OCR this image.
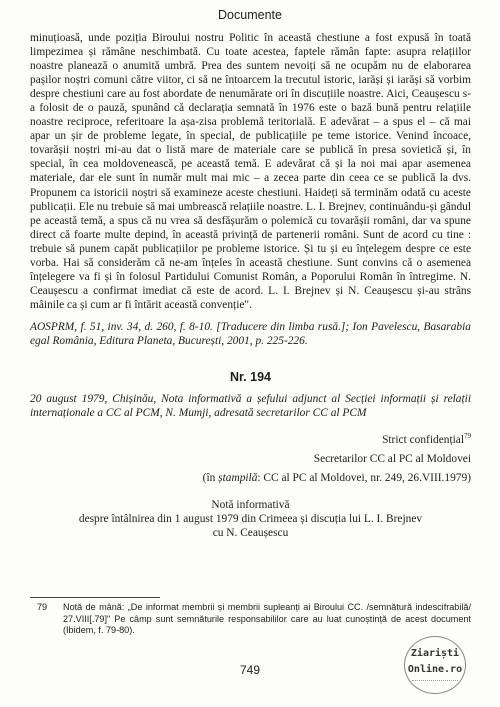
Documente

minuțioasă, unde poziția Biroului nostru Politic în această chestiune a fost expusă în toată limpezimea și rămâne neschimbată. Cu toate acestea, faptele rămân fapte: asupra relațiilor noastre planează o anumită umbră. Prea des suntem nevoiți să ne ocupăm nu de elaborarea pașilor noștri comuni către viitor, ci să ne întoarcem la trecutul istoric, iarăși și iarăși să vorbim despre chestiuni care au fost abordate de nenumărate ori în discuțiile noastre. Aici, Ceaușescu s-a folosit de o pauză, spunând că declarația semnată în 1976 este o bază bună pentru relațiile noastre reciproce, referitoare la așa-zisa problemă teritorială. E adevărat – a spus el – că mai apar un șir de probleme legate, în special, de publicațiile pe teme istorice. Venind încoace, tovarășii noștri mi-au dat o listă mare de materiale care se publică în presa sovietică și, în special, în cea moldovenească, pe această temă. E adevărat că și la noi mai apar asemenea materiale, dar ele sunt în număr mult mai mic – a zecea parte din ceea ce se publică la dvs. Propunem ca istoricii noștri să examineze aceste chestiuni. Haideți să terminăm odată cu aceste publicații. Ele nu trebuie să mai umbrească relațiile noastre. L. I. Brejnev, continuându-și gândul pe această temă, a spus că nu vrea să desfășurăm o polemică cu tovarășii români, dar va spune direct că foarte multe depind, în această privință de partenerii români. Sunt de acord cu tine : trebuie să punem capăt publicațiilor pe probleme istorice. Și tu și eu înțelegem despre ce este vorba. Hai să considerăm că ne-am înțeles în această chestiune. Sunt convins că o asemenea înțelegere va fi și în folosul Partidului Comunist Român, a Poporului Român în întregime. N. Ceaușescu a confirmat imediat că este de acord. L. I. Brejnev și N. Ceaușescu și-au strâns mâinile ca și cum ar fi întărit această convenție".

AOSPRM, f. 51, inv. 34, d. 260, f. 8-10. [Traducere din limba rusă.]; Ion Pavelescu, Basarabia egal România, Editura Planeta, București, 2001, p. 225-226.

Nr. 194

20 august 1979, Chișinău, Nota informativă a șefului adjunct al Secției informații și relații internaționale a CC al PCM, N. Mumji, adresată secretarilor CC al PCM

Strict confidențial$^{79}$
Secretarilor CC al PC al Moldovei
(în ștampilă: CC al PC al Moldovei, nr. 249, 26.VIII.1979)
Notă informativă
despre întâlnirea din 1 august 1979 din Crimeea și discuția lui L. I. Brejnev
cu N. Ceaușescu
79 Notă de mână: „De informat membrii și membrii supleanți ai Biroului CC. /semnătură indescifrabilă/ 27.VIII[.79]" Pe câmp sunt semnăturile responsabililor care au luat cunoștință de acest document (Ibidem, f. 79-80).
749
Ziariști
Online.ro
